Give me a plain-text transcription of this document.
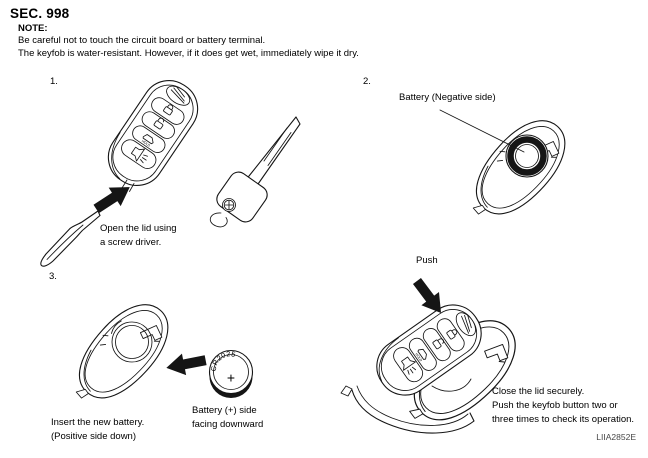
SEC. 998
NOTE:
Be careful not to touch the circuit board or battery terminal.
The keyfob is water-resistant. However, if it does get wet, immediately wipe it dry.
1.	2.
3.
Open the lid using
a screw driver.
Battery (Negative side)
CR2025
+
Insert the new battery.
(Positive side down)
Battery (+) side
facing downward
Push
Close the lid securely.
Push the keyfob button two or
three times to check its operation.
LIIA2852E
